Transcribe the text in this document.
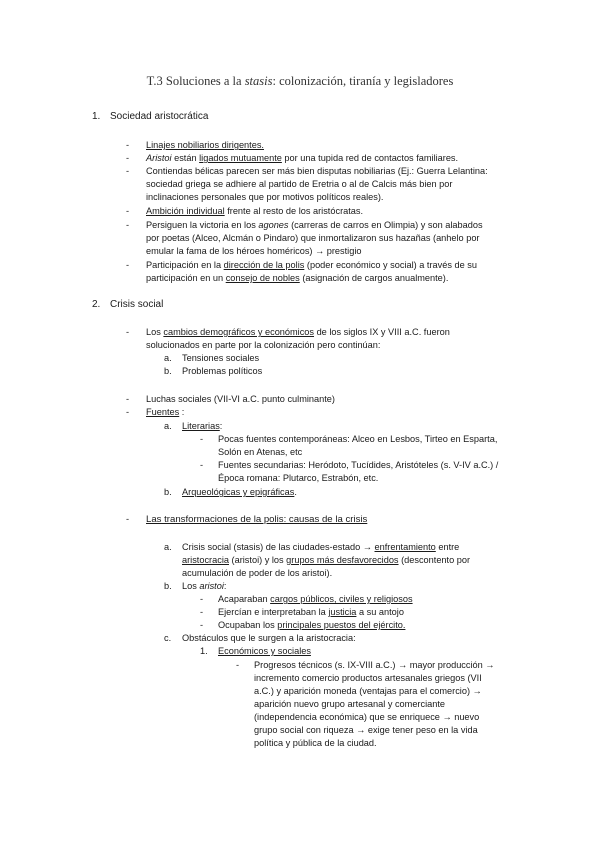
T.3 Soluciones a la stasis: colonización, tiranía y legisladores
1. Sociedad aristocrática
- Linajes nobiliarios dirigentes.
- Aristoi están ligados mutuamente por una tupida red de contactos familiares.
- Contiendas bélicas parecen ser más bien disputas nobiliarias (Ej.: Guerra Lelantina:
sociedad griega se adhiere al partido de Eretria o al de Calcis más bien por
inclinaciones personales que por motivos políticos reales).
- Ambición individual frente al resto de los aristócratas.
- Persiguen la victoria en los agones (carreras de carros en Olimpia) y son alabados
por poetas (Alceo, Alcmán o Pindaro) que inmortalizaron sus hazañas (anhelo por
emular la fama de los héroes homéricos) → prestigio
- Participación en la dirección de la polis (poder económico y social) a través de su
participación en un consejo de nobles (asignación de cargos anualmente).
2. Crisis social
- Los cambios demográficos y económicos de los siglos IX y VIII a.C. fueron
solucionados en parte por la colonización pero continúan:
a. Tensiones sociales
b. Problemas políticos
- Luchas sociales (VII-VI a.C. punto culminante)
- Fuentes :
a. Literarias:
- Pocas fuentes contemporáneas: Alceo en Lesbos, Tirteo en Esparta,
Solón en Atenas, etc
- Fuentes secundarias: Heródoto, Tucídides, Aristóteles (s. V-IV a.C.) /
Época romana: Plutarco, Estrabón, etc.
b. Arqueológicas y epigráficas.
- Las transformaciones de la polis: causas de la crisis
a. Crisis social (stasis) de las ciudades-estado → enfrentamiento entre
aristocracia (aristoi) y los grupos más desfavorecidos (descontento por
acumulación de poder de los aristoi).
b. Los aristoi:
- Acaparaban cargos públicos, civiles y religiosos
- Ejercían e interpretaban la justicia a su antojo
- Ocupaban los principales puestos del ejército.
c. Obstáculos que le surgen a la aristocracia:
1. Económicos y sociales
- Progresos técnicos (s. IX-VIII a.C.) → mayor producción →
incremento comercio productos artesanales griegos (VII
a.C.) y aparición moneda (ventajas para el comercio) →
aparición nuevo grupo artesanal y comerciante
(independencia económica) que se enriquece → nuevo
grupo social con riqueza → exige tener peso en la vida
política y pública de la ciudad.
